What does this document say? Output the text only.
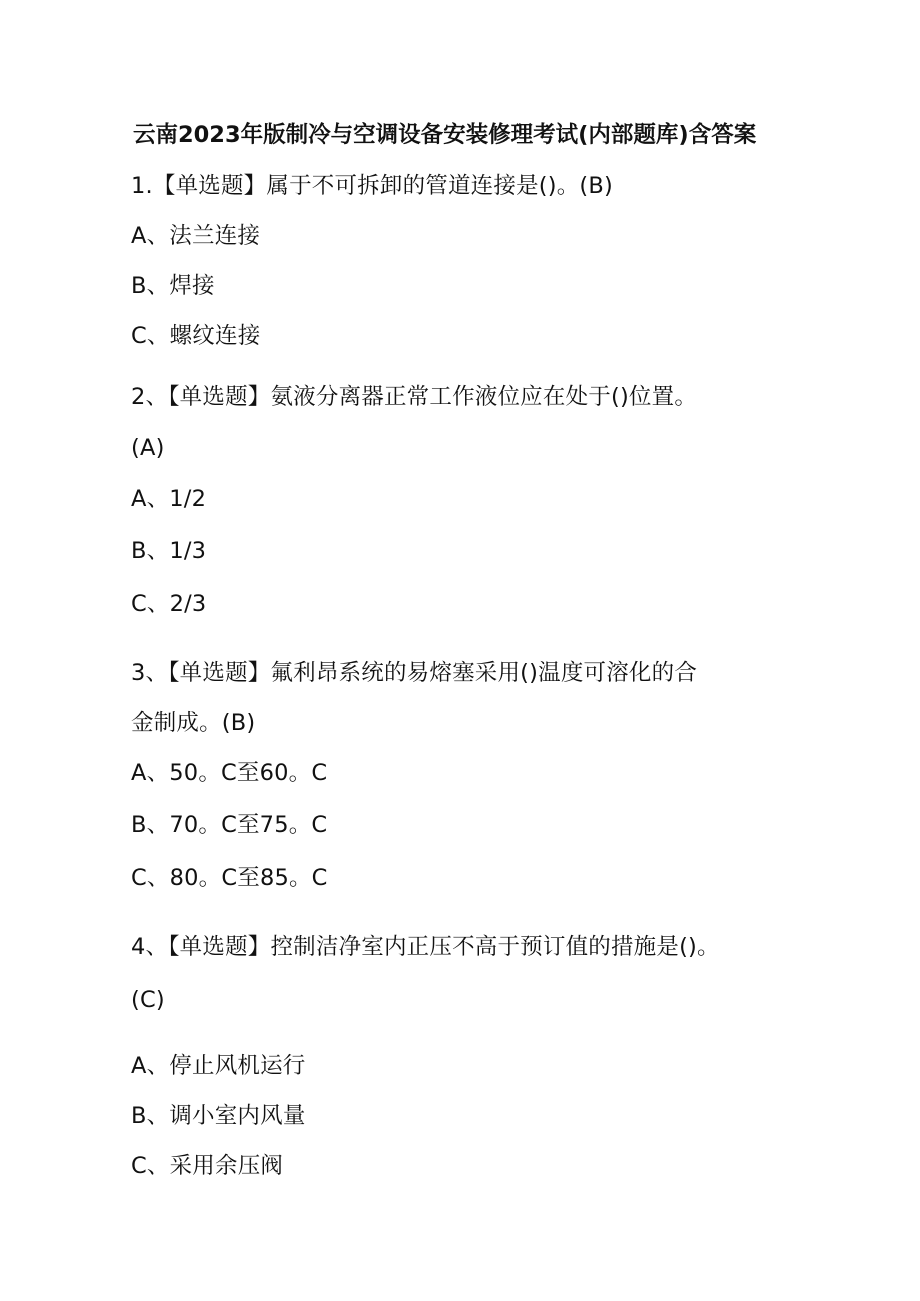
云南2023年版制冷与空调设备安装修理考试(内部题库)含答案

1.【单选题】属于不可拆卸的管道连接是()。(B)

A、法兰连接

B、焊接

C、螺纹连接

2、【单选题】氨液分离器正常工作液位应在处于()位置。

(A)

A、1/2

B、1/3

C、2/3

3、【单选题】氟利昂系统的易熔塞采用()温度可溶化的合

金制成。(B)

A、50。C至60。C

B、70。C至75。C

C、80。C至85。C

4、【单选题】控制洁净室内正压不高于预订值的措施是()。

(C)

A、停止风机运行

B、调小室内风量

C、采用余压阀
